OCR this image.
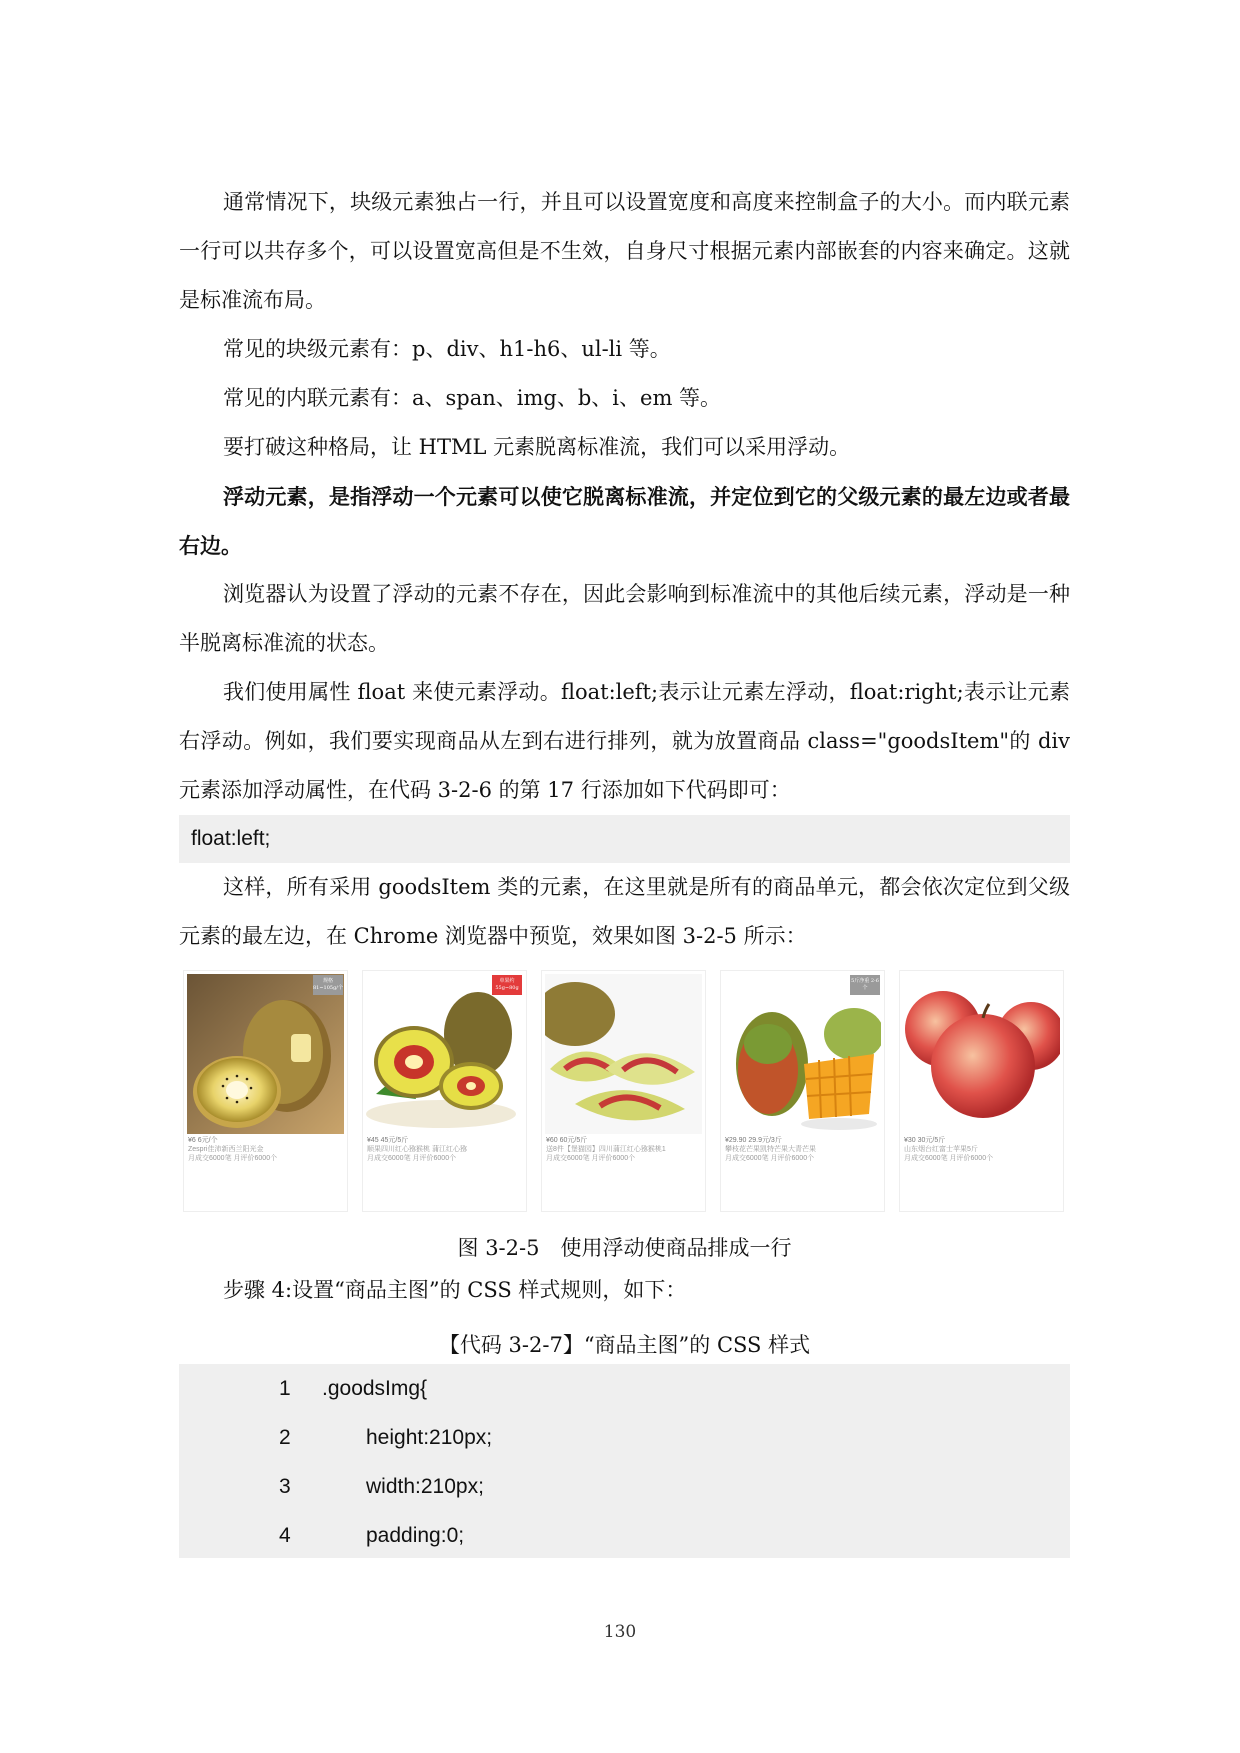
通常情况下，块级元素独占一行，并且可以设置宽度和高度来控制盒子的大小。而内联元素一行可以共存多个，可以设置宽高但是不生效，自身尺寸根据元素内部嵌套的内容来确定。这就是标准流布局。
常见的块级元素有：p、div、h1-h6、ul-li 等。
常见的内联元素有：a、span、img、b、i、em 等。
要打破这种格局，让 HTML 元素脱离标准流，我们可以采用浮动。
浮动元素，是指浮动一个元素可以使它脱离标准流，并定位到它的父级元素的最左边或者最右边。
浏览器认为设置了浮动的元素不存在，因此会影响到标准流中的其他后续元素，浮动是一种半脱离标准流的状态。
我们使用属性 float 来使元素浮动。float:left;表示让元素左浮动，float:right;表示让元素右浮动。例如，我们要实现商品从左到右进行排列，就为放置商品 class="goodsItem"的 div 元素添加浮动属性，在代码 3-2-6 的第 17 行添加如下代码即可：
float:left;
这样，所有采用 goodsItem 类的元素，在这里就是所有的商品单元，都会依次定位到父级元素的最左边，在 Chrome 浏览器中预览，效果如图 3-2-5 所示：
规格 81~105g/个
¥6 6元/个
Zespri佳沛新西兰阳光金
月成交6000笔 月评价6000个
单果约 55g~80g
¥45 45元/5斤
顺果四川红心猕猴桃 蒲江红心猕
月成交6000笔 月评价6000个
¥60 60元/5斤
送8件【堡猫园】四川蒲江红心猕猴桃1
月成交6000笔 月评价6000个
5斤净重 2-6个
¥29.90 29.9元/3斤
攀枝花芒果凯特芒果大青芒果
月成交6000笔 月评价6000个
¥30 30元/5斤
山东烟台红富士苹果5斤
月成交6000笔 月评价6000个
图 3-2-5　使用浮动使商品排成一行
步骤 4:设置“商品主图”的 CSS 样式规则，如下：
【代码 3-2-7】“商品主图”的 CSS 样式
1 .goodsImg{
2	height:210px;
3	width:210px;
4	padding:0;
130
